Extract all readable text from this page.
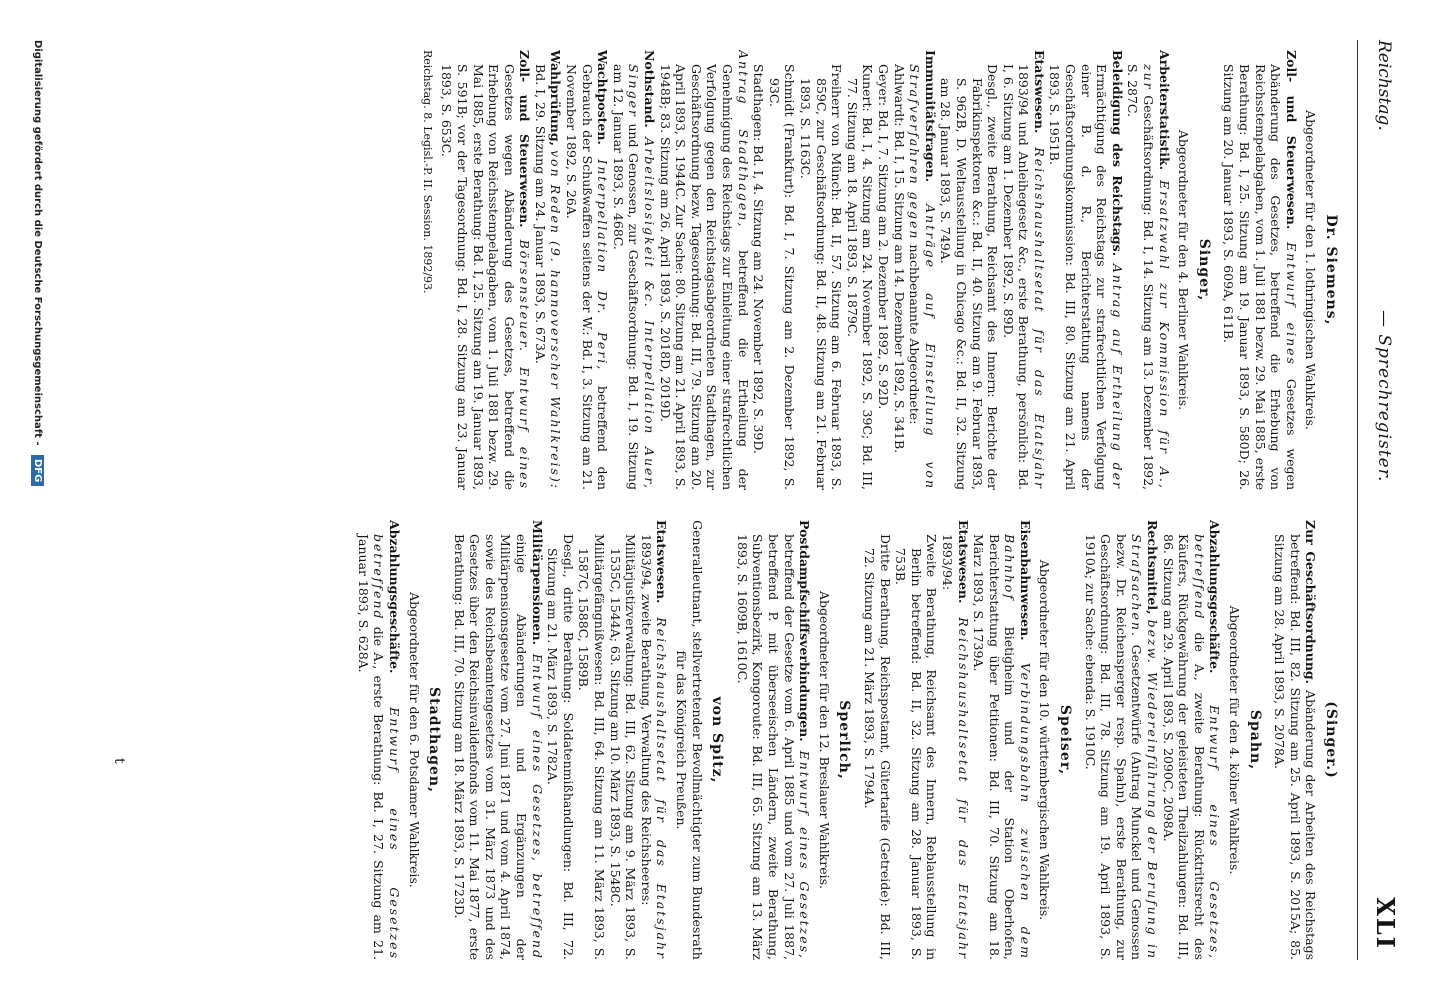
Reichstag.
— Sprechregister.
XLI
Dr. Siemens,
Abgeordneter für den 1. lothringischen Wahlkreis.

Zoll- und Steuerwesen. Entwurf eines Gesetzes wegen Abänderung des Gesetzes, betreffend die Erhebung von Reichsstempelabgaben, vom 1. Juli 1881 bezw. 29. Mai 1885, erste Berathung: Bd. I, 25. Sitzung am 19. Januar 1893, S. 580D; 26. Sitzung am 20. Januar 1893, S. 609A, 611B.

Singer,
Abgeordneter für den 4. Berliner Wahlkreis.

Arbeiterstatistik. Ersatzwahl zur Kommission für A., zur Geschäftsordnung: Bd. I, 14. Sitzung am 13. Dezember 1892, S. 287C.

Beleidigung des Reichstags. Antrag auf Ertheilung der Ermächtigung des Reichstags zur strafrechtlichen Verfolgung einer B. d. R., Berichterstattung namens der Geschäftsordnungskommission: Bd. III, 80. Sitzung am 21. April 1893, S. 1951B.

Etatswesen. Reichshaushaltsetat für das Etatsjahr 1893/94 und Anleihegesetz &c., erste Berathung, persönlich: Bd. I, 6. Sitzung am 1. Dezember 1892, S. 89D.

Desgl., zweite Berathung, Reichsamt des Innern: Berichte der Fabrikinspektoren &c.: Bd. II, 40. Sitzung am 9. Februar 1893, S. 962B, D. Weltausstellung in Chicago &c.: Bd. II, 32. Sitzung am 28. Januar 1893, S. 749A.

Immunitätsfragen. Anträge auf Einstellung von Strafverfahren gegen nachbenannte Abgeordnete:

Ahlwardt: Bd. I, 15. Sitzung am 14. Dezember 1892, S. 341B.

Geyer: Bd. I, 7. Sitzung am 2. Dezember 1892, S. 92D.

Kunert: Bd. I, 4. Sitzung am 24. November 1892, S. 39C; Bd. III, 77. Sitzung am 18. April 1893, S. 1879C.

Freiherr von Münch: Bd. II, 57. Sitzung am 6. Februar 1893, S. 859C, zur Geschäftsordnung: Bd. II, 48. Sitzung am 21. Februar 1893, S. 1163C.

Schmidt (Frankfurt): Bd. I, 7. Sitzung am 2. Dezember 1892, S. 93C.

Stadthagen: Bd. I, 4. Sitzung am 24. November 1892, S. 39D.

Antrag Stadthagen, betreffend die Ertheilung der Genehmigung des Reichstags zur Einleitung einer strafrechtlichen Verfolgung gegen den Reichstagsabgeordneten Stadthagen, zur Geschäftsordnung bezw. Tagesordnung: Bd. III, 79. Sitzung am 20. April 1893, S. 1944C. Zur Sache: 80. Sitzung am 21. April 1893, S. 1948B; 83. Sitzung am 26. April 1893, S. 2018D, 2019D.

Nothstand. Arbeitslosigkeit &c. Interpellation Auer, Singer und Genossen, zur Geschäftsordnung: Bd. I, 19. Sitzung am 12. Januar 1893, S. 468C.

Wachtposten. Interpellation Dr. Peri, betreffend den Gebrauch der Schußwaffen seitens der W.: Bd. I, 3. Sitzung am 21. November 1892, S. 26A.

Wahlprüfung, von Reden (9. hannoverscher Wahlkreis): Bd. I, 29. Sitzung am 24. Januar 1893, S. 673A.

Zoll- und Steuerwesen. Börsensteuer. Entwurf eines Gesetzes wegen Abänderung des Gesetzes, betreffend die Erhebung von Reichsstempelabgaben, vom 1. Juli 1881 bezw. 29. Mai 1885, erste Berathung: Bd. I, 25. Sitzung am 19. Januar 1893, S. 591B; vor der Tagesordnung: Bd. I, 28. Sitzung am 23. Januar 1893, S. 653C.

Reichstag. 8. Legisl.-P. II. Session. 1892/93.

(Singer.)

Zur Geschäftsordnung. Abänderung der Arbeiten des Reichstags betreffend: Bd. III, 82. Sitzung am 25. April 1893, S. 2015A; 85. Sitzung am 28. April 1893, S. 2078A.

Spahn,
Abgeordneter für den 4. kölner Wahlkreis.

Abzahlungsgeschäfte. Entwurf eines Gesetzes, betreffend die A., zweite Berathung: Rücktrittsrecht des Käufers, Rückgewährung der geleisteten Theilzahlungen: Bd. III, 86. Sitzung am 29. April 1893, S. 2090C, 2098A.

Rechtsmittel, bezw. Wiedereinführung der Berufung in Strafsachen. Gesetzentwürfe (Antrag Munckel und Genossen bezw. Dr. Reichensperger resp. Spahn), erste Berathung, zur Geschäftsordnung: Bd. III, 78. Sitzung am 19. April 1893, S. 1910A; zur Sache: ebenda: S. 1910C.

Speiser,
Abgeordneter für den 10. württembergischen Wahlkreis.

Eisenbahnwesen. Verbindungsbahn zwischen dem Bahnhof Bietigheim und der Station Oberhofen, Berichterstattung über Petitionen: Bd. III, 70. Sitzung am 18. März 1893, S. 1739A.

Etatswesen. Reichshaushaltsetat für das Etatsjahr 1893/94:

Zweite Berathung, Reichsamt des Innern, Reblausstellung in Berlin betreffend: Bd. II, 32. Sitzung am 28. Januar 1893, S. 753B.

Dritte Berathung, Reichspostamt, Gütertarife (Getreide): Bd. III, 72. Sitzung am 21. März 1893, S. 1794A.

Sperlich,
Abgeordneter für den 12. Breslauer Wahlkreis.

Postdampfschiffsverbindungen. Entwurf eines Gesetzes, betreffend der Gesetze vom 6. April 1885 und vom 27. Juli 1887, betreffend P. mit überseeischen Ländern, zweite Berathung, Subventionsbezirk, Kongoroute: Bd. III, 65. Sitzung am 13. März 1893, S. 1609B, 1610C.

von Spitz,
Generalleutnant, stellvertretender Bevollmächtigter zum Bundesrath für das Königreich Preußen.

Etatswesen. Reichshaushaltsetat für das Etatsjahr 1893/94, zweite Berathung, Verwaltung des Reichsheeres:

Militärjustizverwaltung: Bd. III, 62. Sitzung am 9. März 1893, S. 1535C, 1544A; 63. Sitzung am 10. März 1893, S. 1548C.

Militärgefängnißwesen: Bd. III, 64. Sitzung am 11. März 1893, S. 1587C, 1588C, 1589B.

Desgl., dritte Berathung: Soldatenmißhandlungen: Bd. III, 72. Sitzung am 21. März 1893, S. 1782A.

Militärpensionen. Entwurf eines Gesetzes, betreffend einige Abänderungen und Ergänzungen der Militärpensionsgesetze vom 27. Juni 1871 und vom 4. April 1874, sowie des Reichsbeamtengesetzes vom 31. März 1873 und des Gesetzes über den Reichsinvalidenfonds vom 11. Mai 1877, erste Berathung: Bd. III, 70. Sitzung am 18. März 1893, S. 1723D.

Stadthagen,
Abgeordneter für den 6. Potsdamer Wahlkreis.

Abzahlungsgeschäfte. Entwurf eines Gesetzes betreffend die A., erste Berathung: Bd. I, 27. Sitzung am 21. Januar 1893, S. 628A.

t
Digitalisierung gefördert durch die Deutsche Forschungsgemeinschaft - DFG
